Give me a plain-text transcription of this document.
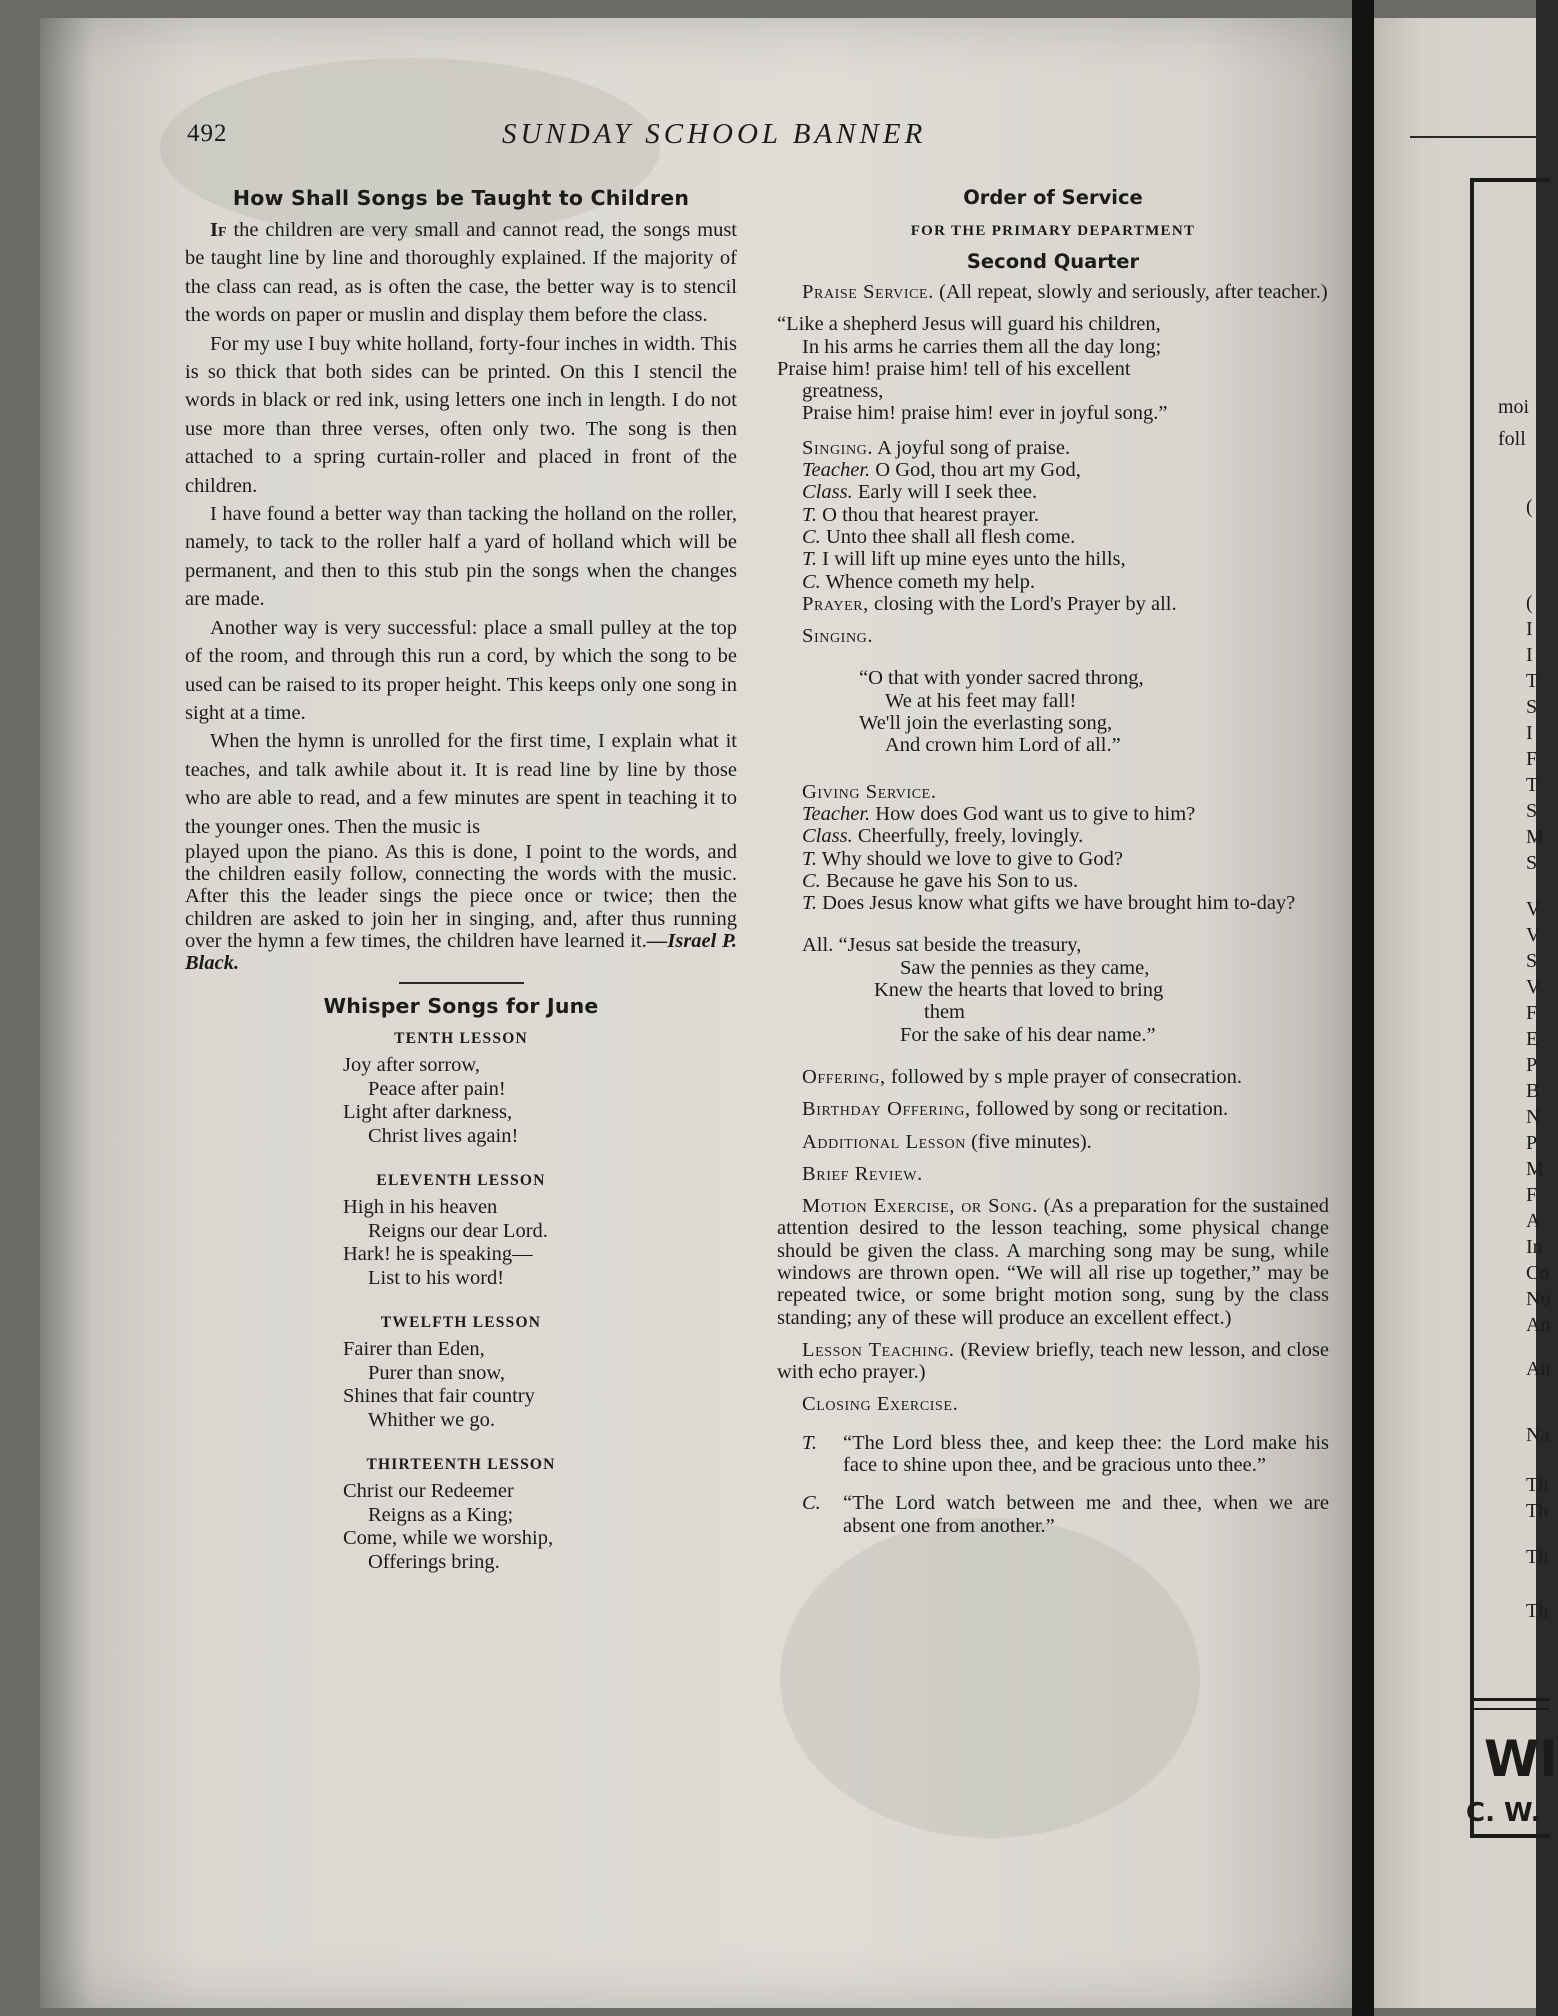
492	SUNDAY SCHOOL BANNER
How Shall Songs be Taught to Children

If the children are very small and cannot read, the songs must be taught line by line and thoroughly explained. If the majority of the class can read, as is often the case, the better way is to stencil the words on paper or muslin and display them before the class.

For my use I buy white holland, forty-four inches in width. This is so thick that both sides can be printed. On this I stencil the words in black or red ink, using letters one inch in length. I do not use more than three verses, often only two. The song is then attached to a spring curtain-roller and placed in front of the children.

I have found a better way than tacking the holland on the roller, namely, to tack to the roller half a yard of holland which will be permanent, and then to this stub pin the songs when the changes are made.

Another way is very successful: place a small pulley at the top of the room, and through this run a cord, by which the song to be used can be raised to its proper height. This keeps only one song in sight at a time.

When the hymn is unrolled for the first time, I explain what it teaches, and talk awhile about it. It is read line by line by those who are able to read, and a few minutes are spent in teaching it to the younger ones. Then the music is

played upon the piano. As this is done, I point to the words, and the children easily follow, connecting the words with the music. After this the leader sings the piece once or twice; then the children are asked to join her in singing, and, after thus running over the hymn a few times, the children have learned it.—Israel P. Black.

Whisper Songs for June

TENTH LESSON

Joy after sorrow,
Peace after pain!
Light after darkness,
Christ lives again!

ELEVENTH LESSON

High in his heaven
Reigns our dear Lord.
Hark! he is speaking—
List to his word!

TWELFTH LESSON

Fairer than Eden,
Purer than snow,
Shines that fair country
Whither we go.

THIRTEENTH LESSON

Christ our Redeemer
Reigns as a King;
Come, while we worship,
Offerings bring.
Order of Service

FOR THE PRIMARY DEPARTMENT

Second Quarter

Praise Service. (All repeat, slowly and seriously, after teacher.)

“Like a shepherd Jesus will guard his children,
In his arms he carries them all the day long;
Praise him! praise him! tell of his excellent
greatness,
Praise him! praise him! ever in joyful song.”

Singing. A joyful song of praise.

Teacher. O God, thou art my God,

Class. Early will I seek thee.

T. O thou that hearest prayer.

C. Unto thee shall all flesh come.

T. I will lift up mine eyes unto the hills,

C. Whence cometh my help.

Prayer, closing with the Lord's Prayer by all.

Singing.

“O that with yonder sacred throng,
We at his feet may fall!
We'll join the everlasting song,
And crown him Lord of all.”

Giving Service.

Teacher. How does God want us to give to him?

Class. Cheerfully, freely, lovingly.

T. Why should we love to give to God?

C. Because he gave his Son to us.

T. Does Jesus know what gifts we have brought him to-day?

All. “Jesus sat beside the treasury,
Saw the pennies as they came,
Knew the hearts that loved to bring
them
For the sake of his dear name.”

Offering, followed by s mple prayer of consecration.

Birthday Offering, followed by song or recitation.

Additional Lesson (five minutes).

Brief Review.

Motion Exercise, or Song. (As a preparation for the sustained attention desired to the lesson teaching, some physical change should be given the class. A marching song may be sung, while windows are thrown open. “We will all rise up together,” may be repeated twice, or some bright motion song, sung by the class standing; any of these will produce an excellent effect.)

Lesson Teaching. (Review briefly, teach new lesson, and close with echo prayer.)

Closing Exercise.

T. “The Lord bless thee, and keep thee: the Lord make his face to shine upon thee, and be gracious unto thee.”

C. “The Lord watch between me and thee, when we are absent one from another.”

moi
foll
(
(
I
I
T
S
I
F
T
S
M
S
V
V
S
V
F
E
P
B
N
P
M
F
A
In
Co
No
An
An
Na
Th
Th
Th
Th
WI
C. W.
